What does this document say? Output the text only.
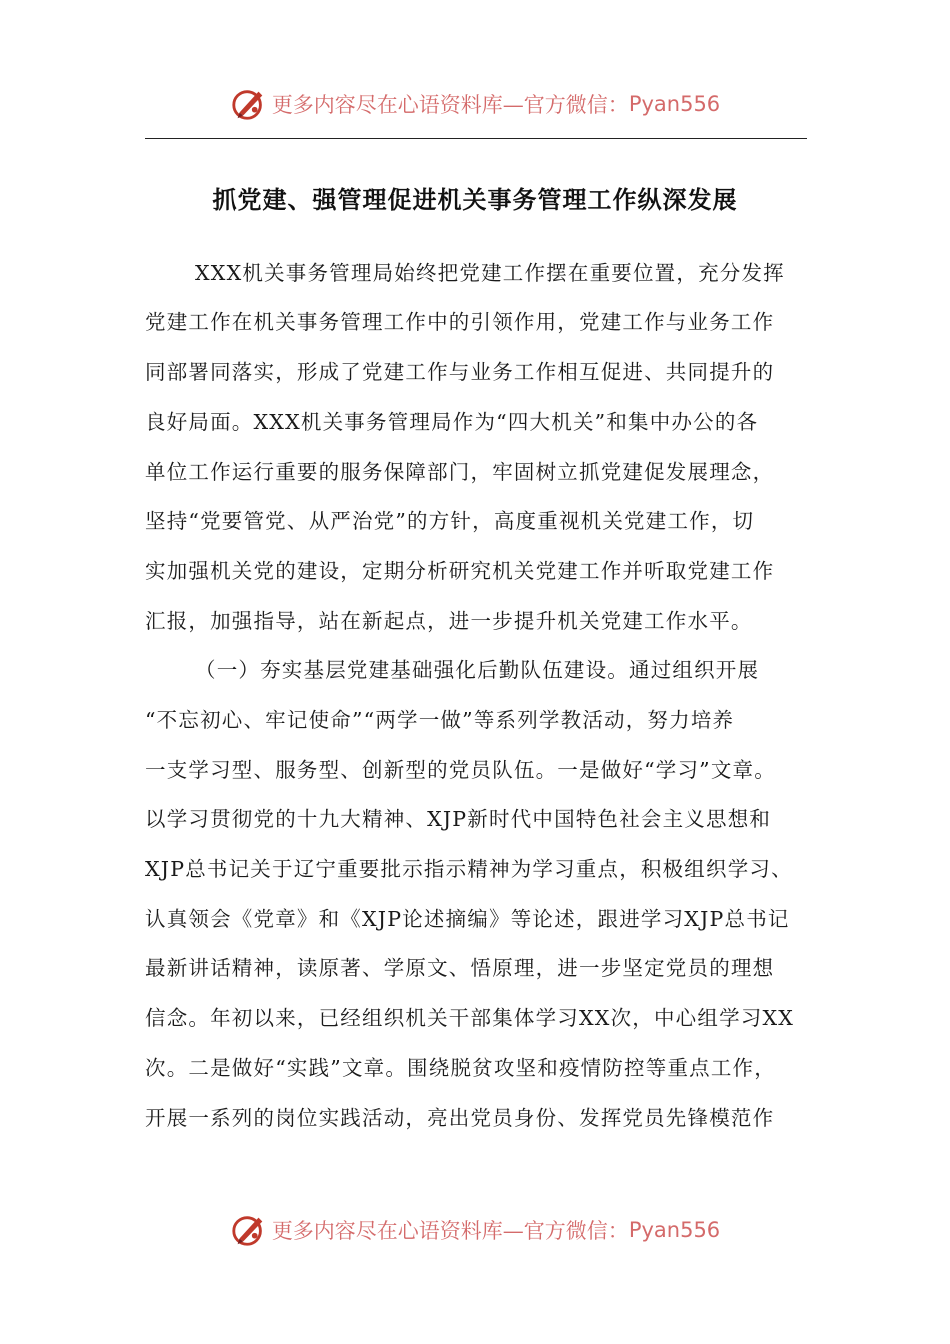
更多内容尽在心语资料库—官方微信： Pyan556
抓党建、强管理促进机关事务管理工作纵深发展
XXX机关事务管理局始终把党建工作摆在重要位置，充分发挥
党建工作在机关事务管理工作中的引领作用，党建工作与业务工作
同部署同落实，形成了党建工作与业务工作相互促进、共同提升的
良好局面。XXX机关事务管理局作为“四大机关”和集中办公的各
单位工作运行重要的服务保障部门，牢固树立抓党建促发展理念，
坚持“党要管党、从严治党”的方针，高度重视机关党建工作，切
实加强机关党的建设，定期分析研究机关党建工作并听取党建工作
汇报，加强指导，站在新起点，进一步提升机关党建工作水平。
（一）夯实基层党建基础强化后勤队伍建设。通过组织开展
“不忘初心、牢记使命”“两学一做”等系列学教活动，努力培养
一支学习型、服务型、创新型的党员队伍。一是做好“学习”文章。
以学习贯彻党的十九大精神、XJP新时代中国特色社会主义思想和
XJP总书记关于辽宁重要批示指示精神为学习重点，积极组织学习、
认真领会《党章》和《XJP论述摘编》等论述，跟进学习XJP总书记
最新讲话精神，读原著、学原文、悟原理，进一步坚定党员的理想
信念。年初以来，已经组织机关干部集体学习XX次，中心组学习XX
次。二是做好“实践”文章。围绕脱贫攻坚和疫情防控等重点工作，
开展一系列的岗位实践活动，亮出党员身份、发挥党员先锋模范作
更多内容尽在心语资料库—官方微信： Pyan556
